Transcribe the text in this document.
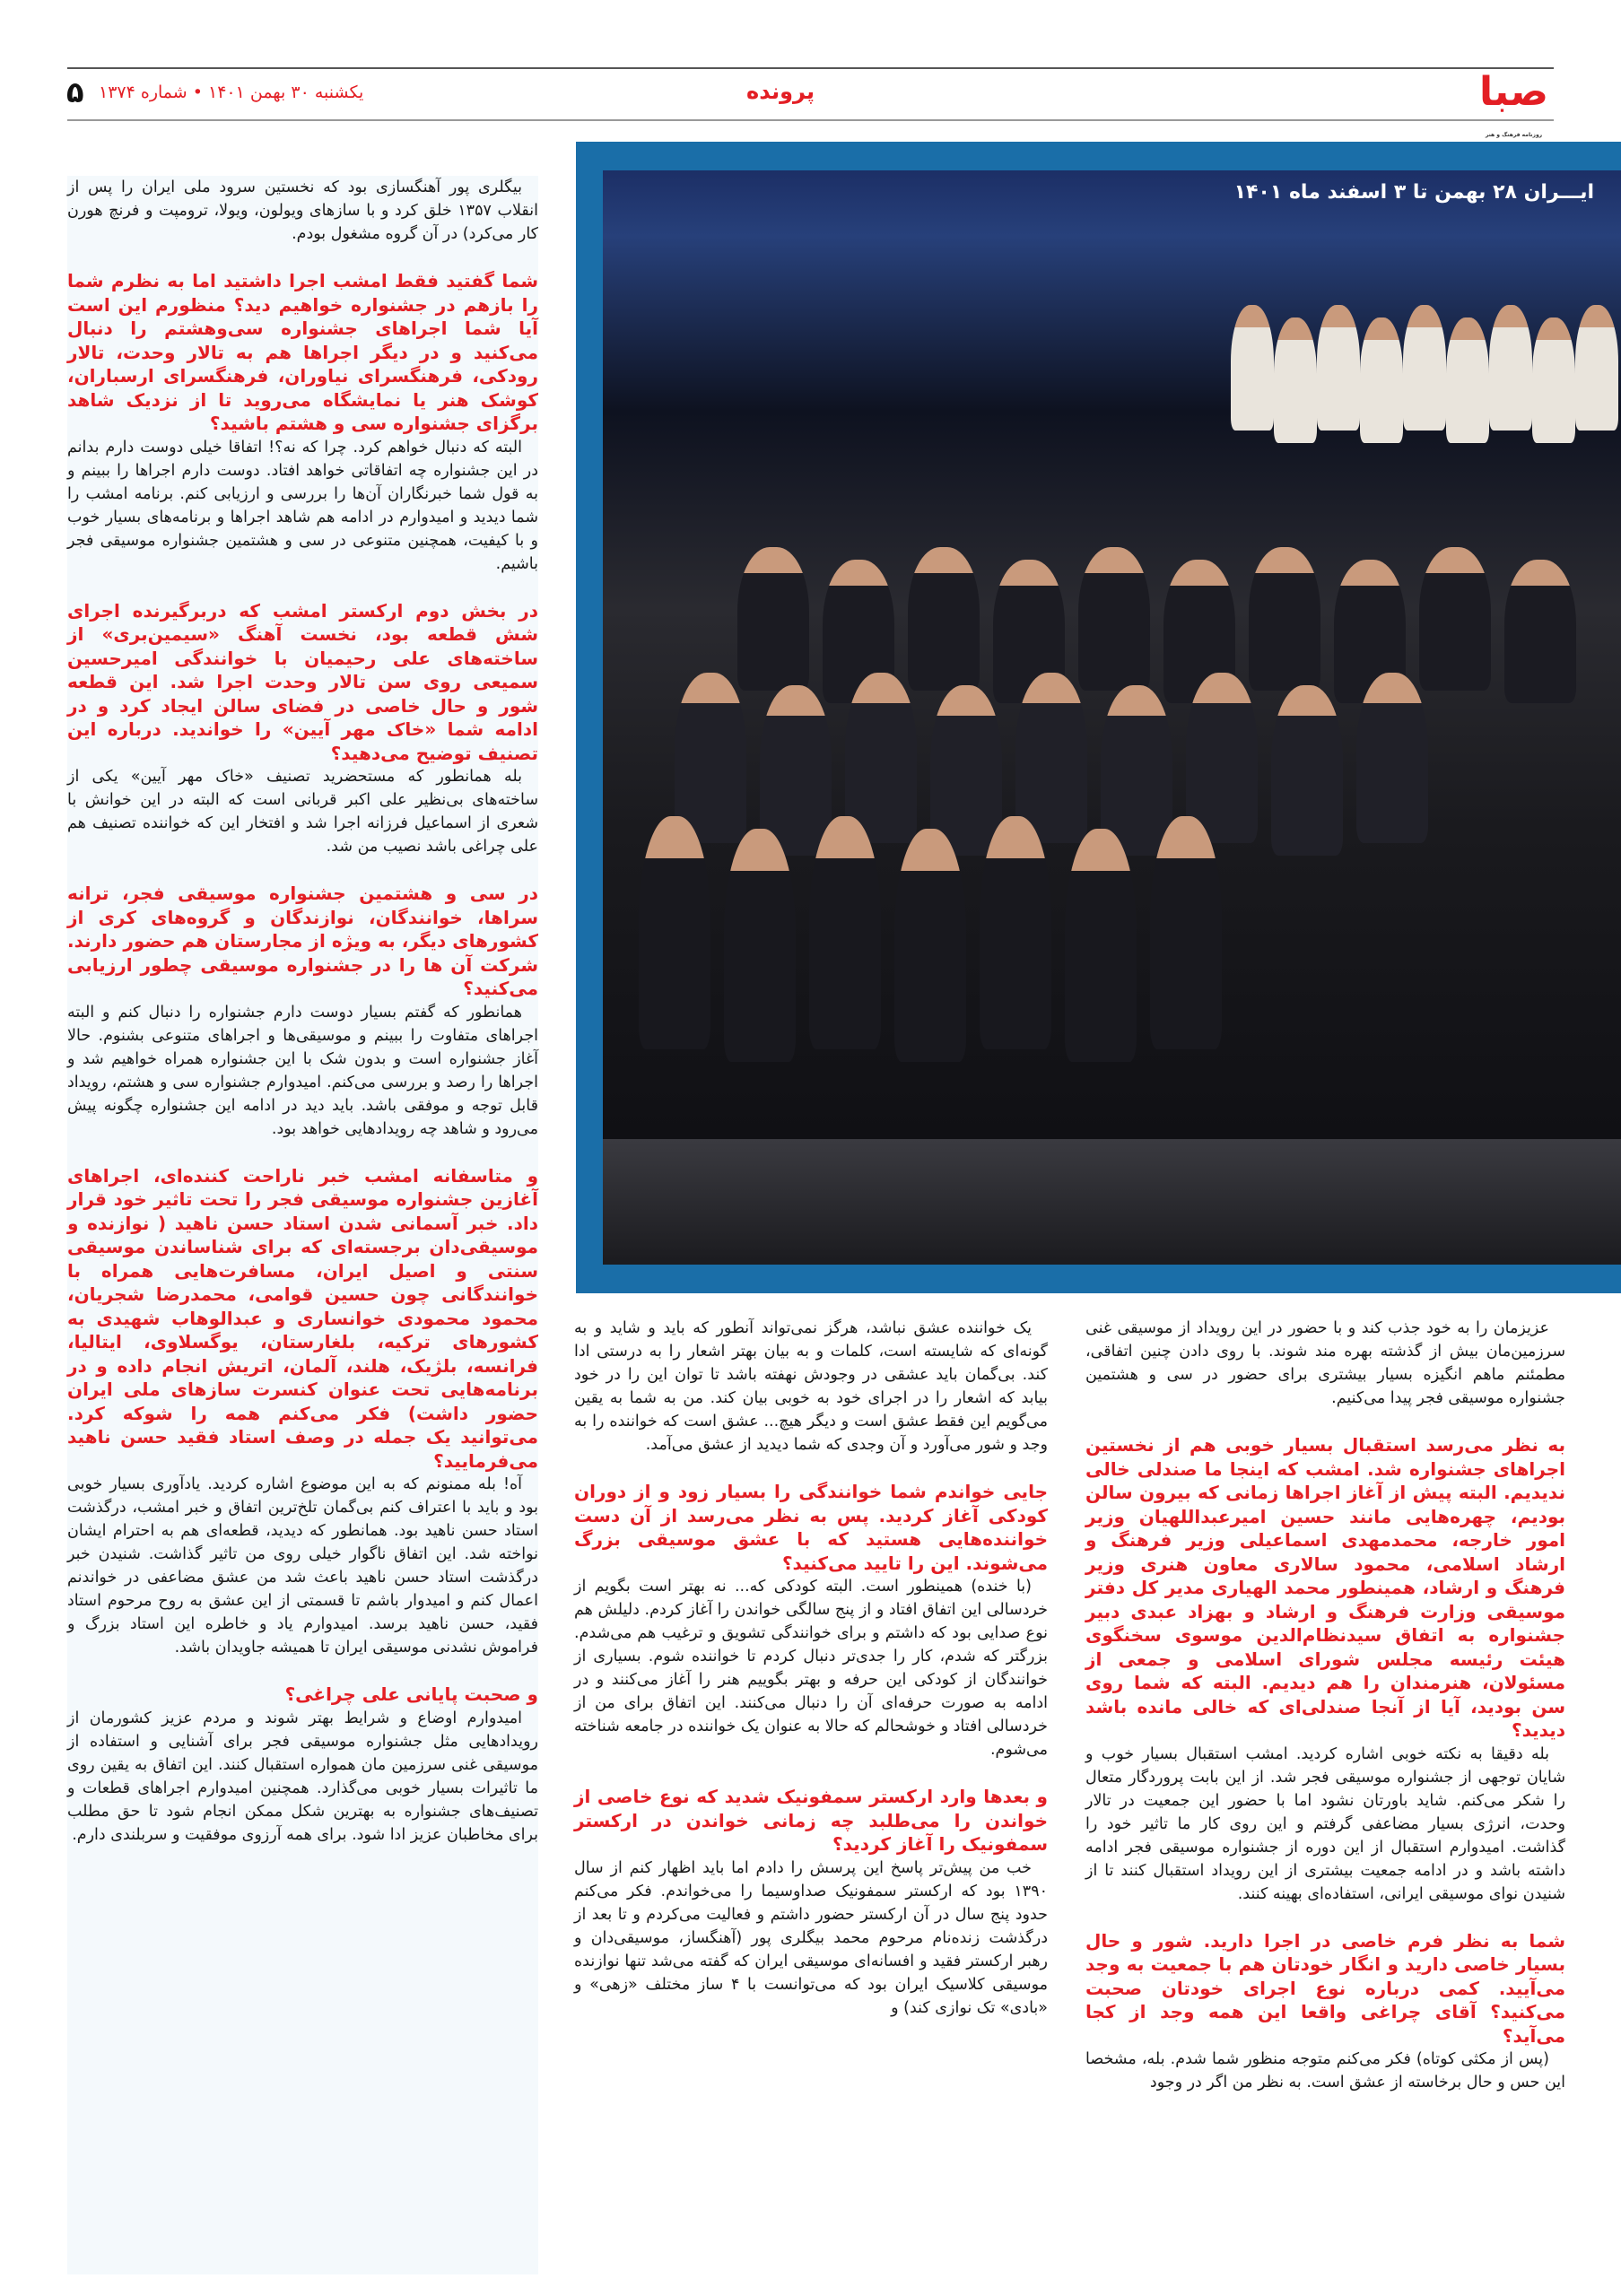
صبا
روزنامه فرهنگ و هنر
پرونده
یکشنبه ۳۰ بهمن ۱۴۰۱ • شماره ۱۳۷۴
۵

بیگلری پور آهنگسازی بود که نخستین سرود ملی ایران را پس از انقلاب ۱۳۵۷ خلق کرد و با سازهای ویولون، ویولا، ترومپت و فرنچ هورن کار می‌کرد) در آن گروه مشغول بودم.

شما گفتید فقط امشب اجرا داشتید اما به نظرم شما را بازهم در جشنواره خواهیم دید؟ منظورم این است آیا شما اجراهای جشنواره سی‌وهشتم را دنبال می‌کنید و در دیگر اجراها هم به تالار وحدت، تالار رودکی، فرهنگسرای نیاوران، فرهنگسرای ارسباران، کوشک هنر یا نمایشگاه می‌روید تا از نزدیک شاهد برگزای جشنواره سی و هشتم باشید؟

البته که دنبال خواهم کرد. چرا که نه؟! اتفاقا خیلی دوست دارم بدانم در این جشنواره چه اتفاقاتی خواهد افتاد. دوست دارم اجراها را ببینم و به قول شما خبرنگاران آن‌ها را بررسی و ارزیابی کنم. برنامه امشب را شما دیدید و امیدوارم در ادامه هم شاهد اجراها و برنامه‌های بسیار خوب و با کیفیت، همچنین متنوعی در سی و هشتمین جشنواره موسیقی فجر باشیم.

در بخش دوم ارکستر امشب که دربرگیرنده اجرای شش قطعه بود، نخست آهنگ «سیمین‌بری» از ساخته‌های علی رحیمیان با خوانندگی امیرحسین سمیعی روی سن تالار وحدت اجرا شد. این قطعه شور و حال خاصی در فضای سالن ایجاد کرد و در ادامه شما «خاک مهر آیین» را خواندید. درباره این تصنیف توضیح می‌دهید؟

بله همانطور که مستحضرید تصنیف «خاک مهر آیین» یکی از ساخته‌های بی‌نظیر علی اکبر قربانی است که البته در این خوانش با شعری از اسماعیل فرزانه اجرا شد و افتخار این که خواننده تصنیف هم علی چراغی باشد نصیب من شد.

در سی و هشتمین جشنواره موسیقی فجر، ترانه سراها، خوانندگان، نوازندگان و گروه‌های کری از کشورهای دیگر، به ویژه از مجارستان هم حضور دارند. شرکت آن ها را در جشنواره موسیقی چطور ارزیابی می‌کنید؟

همانطور که گفتم بسیار دوست دارم جشنواره را دنبال کنم و البته اجراهای متفاوت را ببینم و موسیقی‌ها و اجراهای متنوعی بشنوم. حالا آغاز جشنواره است و بدون شک با این جشنواره همراه خواهیم شد و اجراها را رصد و بررسی می‌کنم. امیدوارم جشنواره سی و هشتم، رویداد قابل توجه و موفقی باشد. باید دید در ادامه این جشنواره چگونه پیش می‌رود و شاهد چه رویدادهایی خواهد بود.

و متاسفانه امشب خبر ناراحت کننده‌ای، اجراهای آغازین جشنواره موسیقی فجر را تحت تاثیر خود قرار داد. خبر آسمانی شدن استاد حسن ناهید ( نوازنده و موسیقی‌دان برجسته‌ای که برای شناساندن موسیقی سنتی و اصیل ایران، مسافرت‌هایی همراه با خوانندگانی چون حسین قوامی، محمدرضا شجریان، محمود محمودی خوانساری و عبدالوهاب شهیدی به کشورهای ترکیه، بلغارستان، یوگسلاوی، ایتالیا، فرانسه، بلژیک، هلند، آلمان، اتریش انجام داده و در برنامه‌هایی تحت عنوان کنسرت سازهای ملی ایران حضور داشت) فکر می‌کنم همه را شوکه کرد. می‌توانید یک جمله در وصف استاد فقید حسن ناهید می‌فرمایید؟

آه! بله ممنونم که به این موضوع اشاره کردید. یادآوری بسیار خوبی بود و باید با اعتراف کنم بی‌گمان تلخ‌ترین اتفاق و خبر امشب، درگذشت استاد حسن ناهید بود. همانطور که دیدید، قطعه‌ای هم به احترام ایشان نواخته شد. این اتفاق ناگوار خیلی روی من تاثیر گذاشت. شنیدن خبر درگذشت استاد حسن ناهید باعث شد من عشق مضاعفی در خواندنم اعمال کنم و امیدوار باشم تا قسمتی از این عشق به روح مرحوم استاد فقید، حسن ناهید برسد. امیدوارم یاد و خاطره این استاد بزرگ و فراموش نشدنی موسیقی ایران تا همیشه جاویدان باشد.

و صحبت پایانی علی چراغی؟

امیدوارم اوضاع و شرایط بهتر شوند و مردم عزیز کشورمان از رویدادهایی مثل جشنواره موسیقی فجر برای آشنایی و استفاده از موسیقی غنی سرزمین مان همواره استقبال کنند. این اتفاق به یقین روی ما تاثیرات بسیار خوبی می‌گذارد. همچنین امیدوارم اجراهای قطعات و تصنیف‌های جشنواره به بهترین شکل ممکن انجام شود تا حق مطلب برای مخاطبان عزیز ادا شود. برای همه آرزوی موفقیت و سربلندی دارم.

ایـــران ۲۸ بهمن تا ۳ اسفند ماه ۱۴۰۱

یک خواننده عشق نباشد، هرگز نمی‌تواند آنطور که باید و شاید و به گونه‌ای که شایسته است، کلمات و به بیان بهتر اشعار را به درستی ادا کند. بی‌گمان باید عشقی در وجودش نهفته باشد تا توان این را در خود بیابد که اشعار را در اجرای خود به خوبی بیان کند. من به شما به یقین می‌گویم این فقط عشق است و دیگر هیچ... عشق است که خواننده را به وجد و شور می‌آورد و آن وجدی که شما دیدید از عشق می‌آمد.

جایی خواندم شما خوانندگی را بسیار زود و از دوران کودکی آغاز کردید. پس به نظر می‌رسد از آن دست خواننده‌هایی هستید که با عشق موسیقی بزرگ می‌شوند. این را تایید می‌کنید؟

(با خنده) همینطور است. البته کودکی که... نه بهتر است بگویم از خردسالی این اتفاق افتاد و از پنج سالگی خواندن را آغاز کردم. دلیلش هم نوع صدایی بود که داشتم و برای خوانندگی تشویق و ترغیب هم می‌شدم. بزرگتر که شدم، کار را جدی‌تر دنبال کردم تا خواننده شوم. بسیاری از خوانندگان از کودکی این حرفه و بهتر بگوییم هنر را آغاز می‌کنند و در ادامه به صورت حرفه‌ای آن را دنبال می‌کنند. این اتفاق برای من از خردسالی افتاد و خوشحالم که حالا به عنوان یک خواننده در جامعه شناخته می‌شوم.

و بعدها وارد ارکستر سمفونیک شدید که نوع خاصی از خواندن را می‌طلبد چه زمانی خواندن در ارکستر سمفونیک را آغاز کردید؟

خب من پیش‌تر پاسخ این پرسش را دادم اما باید اظهار کنم از سال ۱۳۹۰ بود که ارکستر سمفونیک صداوسیما را می‌خواندم. فکر می‌کنم حدود پنج سال در آن ارکستر حضور داشتم و فعالیت می‌کردم و تا بعد از درگذشت زنده‌نام مرحوم محمد بیگلری پور (آهنگساز، موسیقی‌دان و رهبر ارکستر فقید و افسانه‌ای موسیقی ایران که گفته می‌شد تنها نوازنده موسیقی کلاسیک ایران بود که می‌توانست با ۴ ساز مختلف «زهی» و «بادی» تک نوازی کند) و

عزیزمان را به خود جذب کند و با حضور در این رویداد از موسیقی غنی سرزمین‌مان بیش از گذشته بهره مند شوند. با روی دادن چنین اتفاقی، مطمئنم ماهم انگیزه بسیار بیشتری برای حضور در سی و هشتمین جشنواره موسیقی فجر پیدا می‌کنیم.

به نظر می‌رسد استقبال بسیار خوبی هم از نخستین اجراهای جشنواره شد. امشب که اینجا ما صندلی خالی ندیدیم. البته پیش از آغاز اجراها زمانی که بیرون سالن بودیم، چهره‌هایی مانند حسین امیرعبداللهیان وزیر امور خارجه، محمدمهدی اسماعیلی وزیر فرهنگ و ارشاد اسلامی، محمود سالاری معاون هنری وزیر فرهنگ و ارشاد، همینطور محمد الهیاری مدیر کل دفتر موسیقی وزارت فرهنگ و ارشاد و بهزاد عبدی دبیر جشنواره به اتفاق سیدنظام‌الدین موسوی سخنگوی هیئت رئیسه مجلس شورای اسلامی و جمعی از مسئولان، هنرمندان را هم دیدیم. البته که شما روی سن بودید، آیا از آنجا صندلی‌ای که خالی مانده باشد دیدید؟

بله دقیقا به نکته خوبی اشاره کردید. امشب استقبال بسیار خوب و شایان توجهی از جشنواره موسیقی فجر شد. از این بابت پروردگار متعال را شکر می‌کنم. شاید باورتان نشود اما با حضور این جمعیت در تالار وحدت، انرژی بسیار مضاعفی گرفتم و این روی کار ما تاثیر خود را گذاشت. امیدوارم استقبال از این دوره از جشنواره موسیقی فجر ادامه داشته باشد و در ادامه جمعیت بیشتری از این رویداد استقبال کنند تا از شنیدن نوای موسیقی ایرانی، استفاده‌ای بهینه کنند.

شما به نظر فرم خاصی در اجرا دارید. شور و حال بسیار خاصی دارید و انگار خودتان هم با جمعیت به وجد می‌آیید. کمی درباره نوع اجرای خودتان صحبت می‌کنید؟ آقای چراغی واقعا این همه وجد از کجا می‌آید؟

(پس از مکثی کوتاه) فکر می‌کنم متوجه منظور شما شدم. بله، مشخصا این حس و حال برخاسته از عشق است. به نظر من اگر در وجود
